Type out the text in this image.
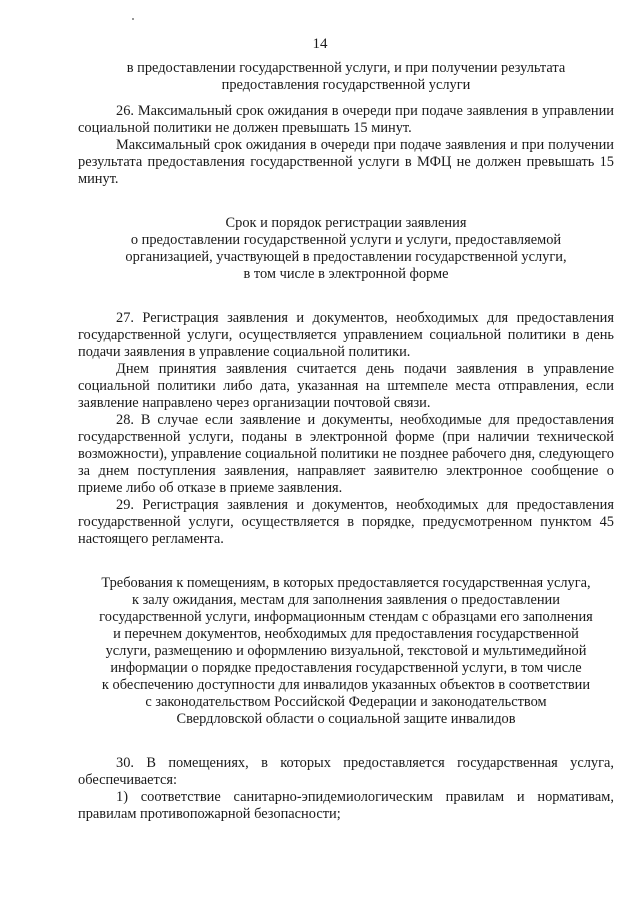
14

в предоставлении государственной услуги, и при получении результата

предоставления государственной услуги

26. Максимальный срок ожидания в очереди при подаче заявления в управлении социальной политики не должен превышать 15 минут.

Максимальный срок ожидания в очереди при подаче заявления и при получении результата предоставления государственной услуги в МФЦ не должен превышать 15 минут.

Срок и порядок регистрации заявления

о предоставлении государственной услуги и услуги, предоставляемой

организацией, участвующей в предоставлении государственной услуги,

в том числе в электронной форме

27. Регистрация заявления и документов, необходимых для предоставления государственной услуги, осуществляется управлением социальной политики в день подачи заявления в управление социальной политики.

Днем принятия заявления считается день подачи заявления в управление социальной политики либо дата, указанная на штемпеле места отправления, если заявление направлено через организации почтовой связи.

28. В случае если заявление и документы, необходимые для предоставления государственной услуги, поданы в электронной форме (при наличии технической возможности), управление социальной политики не позднее рабочего дня, следующего за днем поступления заявления, направляет заявителю электронное сообщение о приеме либо об отказе в приеме заявления.

29. Регистрация заявления и документов, необходимых для предоставления государственной услуги, осуществляется в порядке, предусмотренном пунктом 45 настоящего регламента.

Требования к помещениям, в которых предоставляется государственная услуга,

к залу ожидания, местам для заполнения заявления о предоставлении

государственной услуги, информационным стендам с образцами его заполнения

и перечнем документов, необходимых для предоставления государственной

услуги, размещению и оформлению визуальной, текстовой и мультимедийной

информации о порядке предоставления государственной услуги, в том числе

к обеспечению доступности для инвалидов указанных объектов в соответствии

с законодательством Российской Федерации и законодательством

Свердловской области о социальной защите инвалидов

30. В помещениях, в которых предоставляется государственная услуга, обеспечивается:

1) соответствие санитарно-эпидемиологическим правилам и нормативам, правилам противопожарной безопасности;
